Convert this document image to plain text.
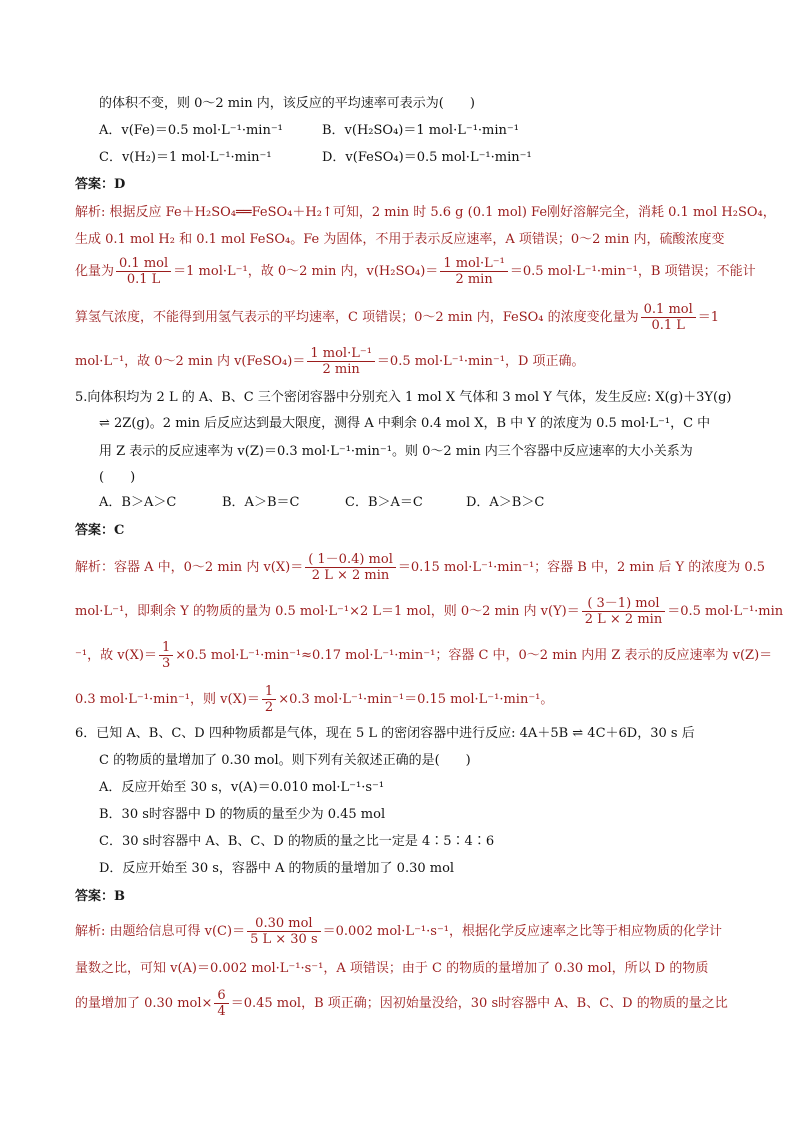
的体积不变，则 0～2 min 内，该反应的平均速率可表示为(　　)
A．v(Fe)＝0.5 mol·L⁻¹·min⁻¹	B．v(H₂SO₄)＝1 mol·L⁻¹·min⁻¹
C．v(H₂)＝1 mol·L⁻¹·min⁻¹	D．v(FeSO₄)＝0.5 mol·L⁻¹·min⁻¹
答案：D
解析: 根据反应 Fe＋H₂SO₄══FeSO₄＋H₂↑可知，2 min 时 5.6 g (0.1 mol) Fe刚好溶解完全，消耗 0.1 mol H₂SO₄，
生成 0.1 mol H₂ 和 0.1 mol FeSO₄。Fe 为固体，不用于表示反应速率，A 项错误；0～2 min 内，硫酸浓度变
化量为 $\frac{\text{0.1 mol}}{0.1 L} =1$ mol·L⁻¹，故 0～2 min 内，$v(H_2SO_4)= \frac{\text{1 mol·L⁻¹}}{2 \min} =0.5$ mol·L⁻¹·min⁻¹，B 项错误；不能计
算氢气浓度，不能得到用氢气表示的平均速率，C 项错误；0～2 min 内，FeSO₄ 的浓度变化量为 $\frac{\text{0.1 mol}}{0.1 L} =1$
mol·L⁻¹，故 0～2 min 内 v(FeSO₄)＝ $\frac{\text{1 mol·L⁻¹}}{2 \min} =0.5$ mol·L⁻¹·min⁻¹，D 项正确。
5.向体积均为 2 L 的 A、B、C 三个密闭容器中分别充入 1 mol X 气体和 3 mol Y 气体，发生反应: X(g)＋3Y(g)
⇌ 2Z(g)。2 min 后反应达到最大限度，测得 A 中剩余 0.4 mol X，B 中 Y 的浓度为 0.5 mol·L⁻¹，C 中
用 Z 表示的反应速率为 v(Z)＝0.3 mol·L⁻¹·min⁻¹。则 0～2 min 内三个容器中反应速率的大小关系为
(　　)
A．B＞A＞C	B．A＞B＝C	C．B＞A＝C	D．A＞B＞C
答案：C
解析：容器 A 中，0～2 min 内 $v(X)= \frac{\text{( 1－0.4) mol}}{2 L \times 2 \min} =0.15$ mol·L⁻¹·min⁻¹；容器 B 中，2 min 后 Y 的浓度为 0.5
mol·L⁻¹，即剩余 Y 的物质的量为 0.5 mol·L⁻¹×2 L＝1 mol，则 0～2 min 内 $v(Y)= \frac{\text{( 3－1) mol}}{2 L \times 2 \min} =0.5$ mol·L⁻¹·min
⁻¹，故 $v(X)= \frac{1}{3} \times 0.5$ mol·L⁻¹·min⁻¹≈0.17 mol·L⁻¹·min⁻¹；容器 C 中，0～2 min 内用 Z 表示的反应速率为 v(Z)＝
0.3 mol·L⁻¹·min⁻¹，则 $v(X)= \frac{1}{2} \times 0.3$ mol·L⁻¹·min⁻¹＝0.15 mol·L⁻¹·min⁻¹。
6．已知 A、B、C、D 四种物质都是气体，现在 5 L 的密闭容器中进行反应: 4A＋5B ⇌ 4C＋6D，30 s 后
C 的物质的量增加了 0.30 mol。则下列有关叙述正确的是(　　)
A．反应开始至 30 s，v(A)＝0.010 mol·L⁻¹·s⁻¹
B．30 s时容器中 D 的物质的量至少为 0.45 mol
C．30 s时容器中 A、B、C、D 的物质的量之比一定是 4∶5∶4∶6
D．反应开始至 30 s，容器中 A 的物质的量增加了 0.30 mol
答案：B
解析: 由题给信息可得 $v(C)= \frac{\text{0.30 mol}}{5 L \times 30 s} =0.002$ mol·L⁻¹·s⁻¹，根据化学反应速率之比等于相应物质的化学计
量数之比，可知 v(A)＝0.002 mol·L⁻¹·s⁻¹，A 项错误；由于 C 的物质的量增加了 0.30 mol，所以 D 的物质
的量增加了 0.30 $mol\times \frac{6}{4} =0.45$ mol，B 项正确；因初始量没给，30 s时容器中 A、B、C、D 的物质的量之比
